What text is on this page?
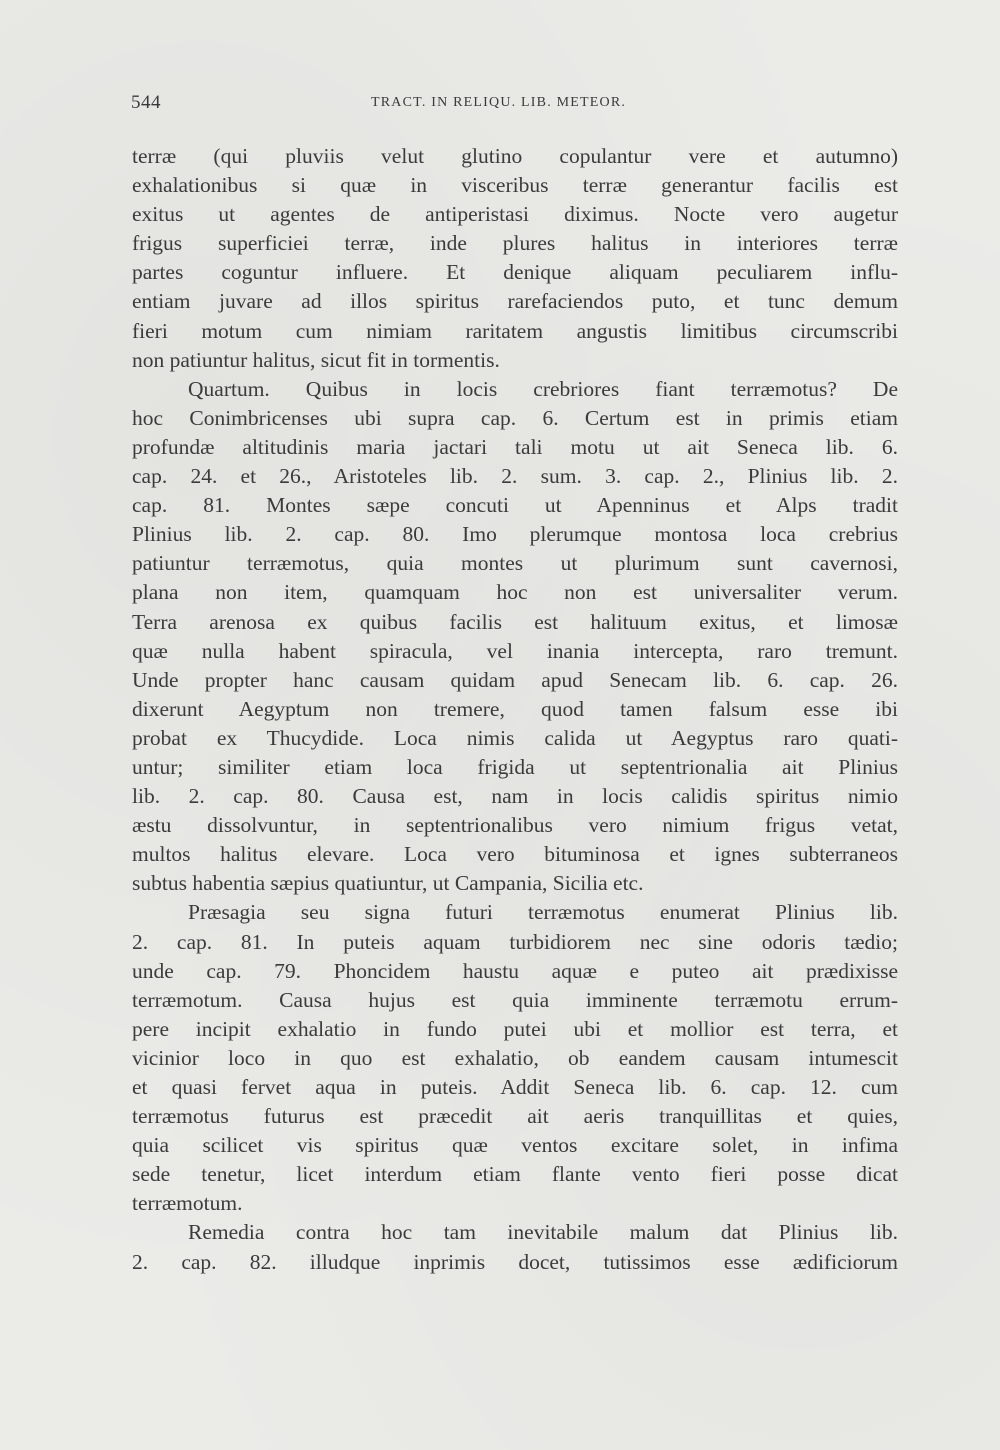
544	TRACT. IN RELIQU. LIB. METEOR.
terræ (qui pluviis velut glutino copulantur vere et autumno)
exhalationibus si quæ in visceribus terræ generantur facilis est
exitus ut agentes de antiperistasi diximus. Nocte vero augetur
frigus superficiei terræ, inde plures halitus in interiores terræ
partes coguntur influere. Et denique aliquam peculiarem influ-
entiam juvare ad illos spiritus rarefaciendos puto, et tunc demum
fieri motum cum nimiam raritatem angustis limitibus circumscribi
non patiuntur halitus, sicut fit in tormentis.
Quartum. Quibus in locis crebriores fiant terræmotus? De
hoc Conimbricenses ubi supra cap. 6. Certum est in primis etiam
profundæ altitudinis maria jactari tali motu ut ait Seneca lib. 6.
cap. 24. et 26., Aristoteles lib. 2. sum. 3. cap. 2., Plinius lib. 2.
cap. 81. Montes sæpe concuti ut Apenninus et Alps tradit
Plinius lib. 2. cap. 80. Imo plerumque montosa loca crebrius
patiuntur terræmotus, quia montes ut plurimum sunt cavernosi,
plana non item, quamquam hoc non est universaliter verum.
Terra arenosa ex quibus facilis est halituum exitus, et limosæ
quæ nulla habent spiracula, vel inania intercepta, raro tremunt.
Unde propter hanc causam quidam apud Senecam lib. 6. cap. 26.
dixerunt Aegyptum non tremere, quod tamen falsum esse ibi
probat ex Thucydide. Loca nimis calida ut Aegyptus raro quati-
untur; similiter etiam loca frigida ut septentrionalia ait Plinius
lib. 2. cap. 80. Causa est, nam in locis calidis spiritus nimio
æstu dissolvuntur, in septentrionalibus vero nimium frigus vetat,
multos halitus elevare. Loca vero bituminosa et ignes subterraneos
subtus habentia sæpius quatiuntur, ut Campania, Sicilia etc.
Præsagia seu signa futuri terræmotus enumerat Plinius lib.
2. cap. 81. In puteis aquam turbidiorem nec sine odoris tædio;
unde cap. 79. Phoncidem haustu aquæ e puteo ait prædixisse
terræmotum. Causa hujus est quia imminente terræmotu errum-
pere incipit exhalatio in fundo putei ubi et mollior est terra, et
vicinior loco in quo est exhalatio, ob eandem causam intumescit
et quasi fervet aqua in puteis. Addit Seneca lib. 6. cap. 12. cum
terræmotus futurus est præcedit ait aeris tranquillitas et quies,
quia scilicet vis spiritus quæ ventos excitare solet, in infima
sede tenetur, licet interdum etiam flante vento fieri posse dicat
terræmotum.
Remedia contra hoc tam inevitabile malum dat Plinius lib.
2. cap. 82. illudque inprimis docet, tutissimos esse ædificiorum
